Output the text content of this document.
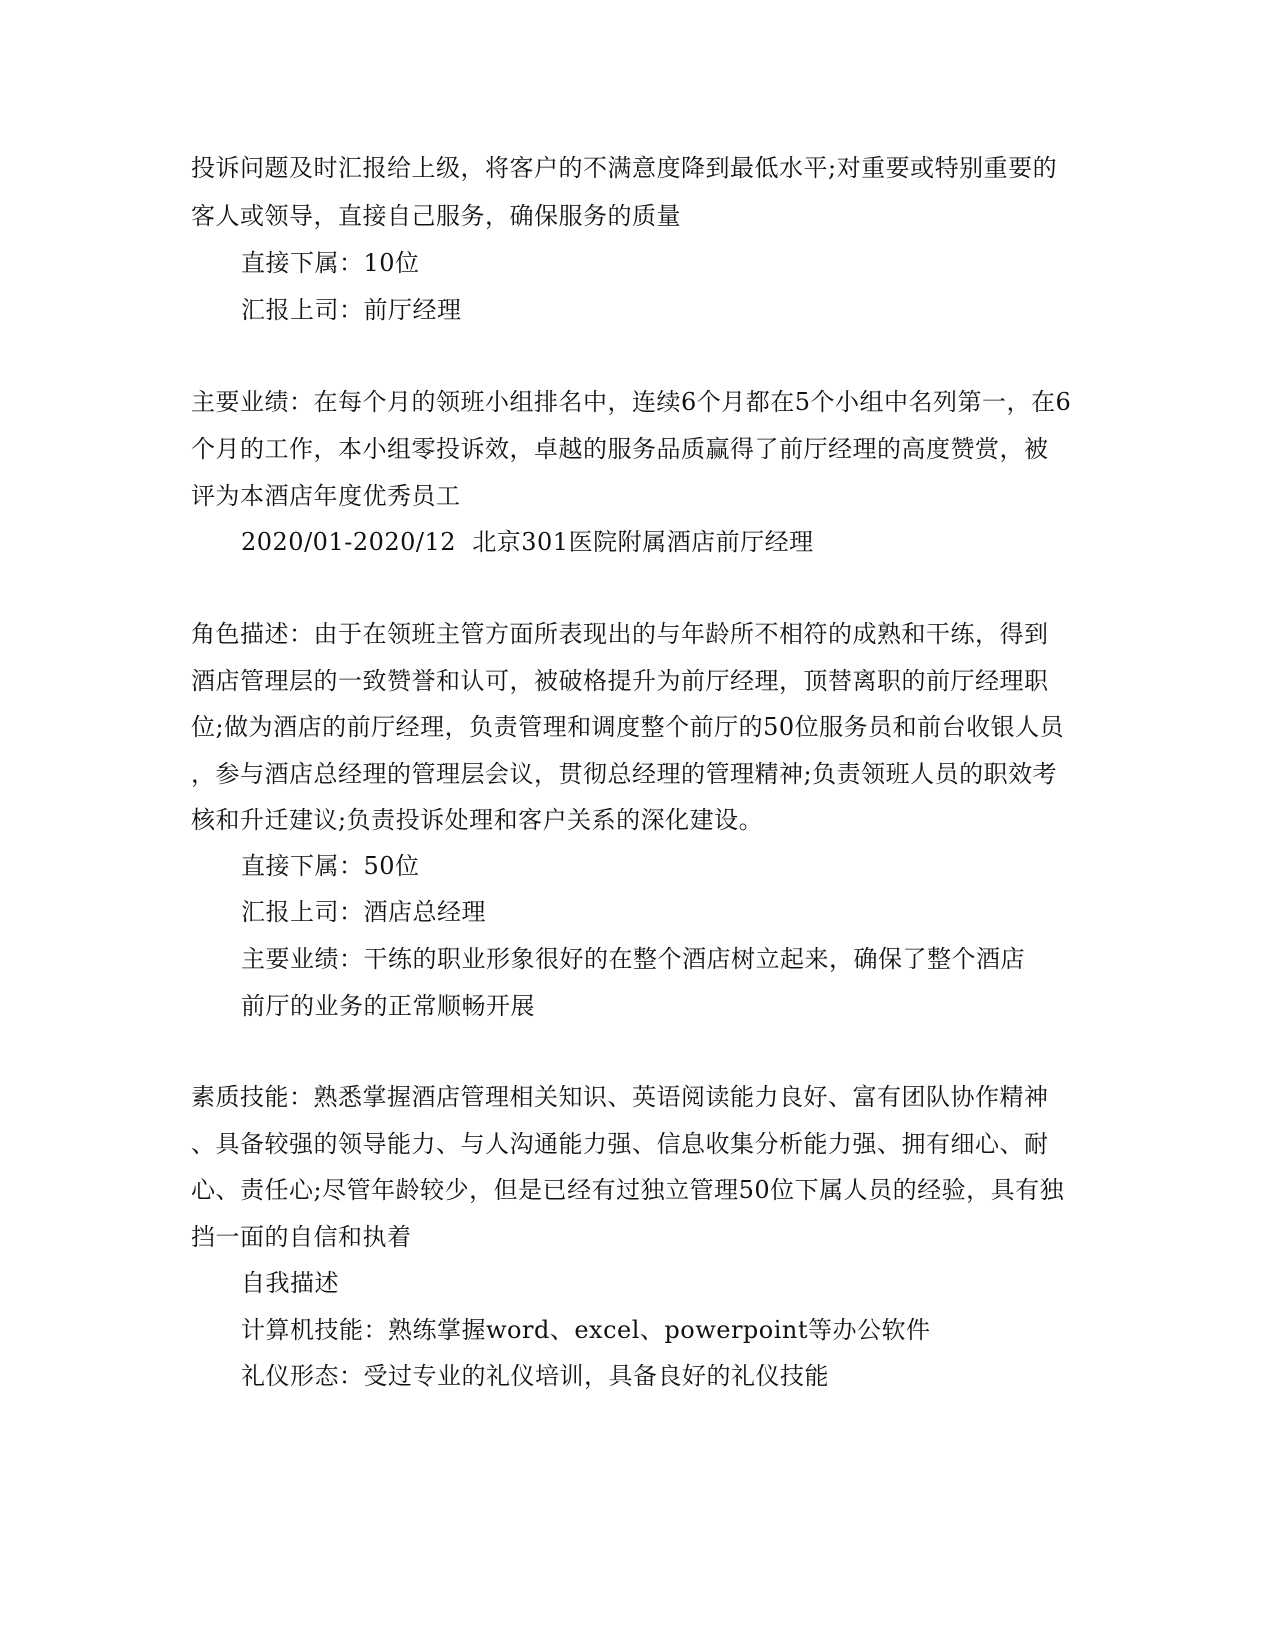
投诉问题及时汇报给上级，将客户的不满意度降到最低水平;对重要或特别重要的
客人或领导，直接自己服务，确保服务的质量
直接下属：10位
汇报上司：前厅经理
主要业绩：在每个月的领班小组排名中，连续6个月都在5个小组中名列第一，在6
个月的工作，本小组零投诉效，卓越的服务品质赢得了前厅经理的高度赞赏，被
评为本酒店年度优秀员工
2020/01-2020/12  北京301医院附属酒店前厅经理
角色描述：由于在领班主管方面所表现出的与年龄所不相符的成熟和干练，得到
酒店管理层的一致赞誉和认可，被破格提升为前厅经理，顶替离职的前厅经理职
位;做为酒店的前厅经理，负责管理和调度整个前厅的50位服务员和前台收银人员
，参与酒店总经理的管理层会议，贯彻总经理的管理精神;负责领班人员的职效考
核和升迁建议;负责投诉处理和客户关系的深化建设。
直接下属：50位
汇报上司：酒店总经理
主要业绩：干练的职业形象很好的在整个酒店树立起来，确保了整个酒店
前厅的业务的正常顺畅开展
素质技能：熟悉掌握酒店管理相关知识、英语阅读能力良好、富有团队协作精神
、具备较强的领导能力、与人沟通能力强、信息收集分析能力强、拥有细心、耐
心、责任心;尽管年龄较少，但是已经有过独立管理50位下属人员的经验，具有独
挡一面的自信和执着
自我描述
计算机技能：熟练掌握word、excel、powerpoint等办公软件
礼仪形态：受过专业的礼仪培训，具备良好的礼仪技能
